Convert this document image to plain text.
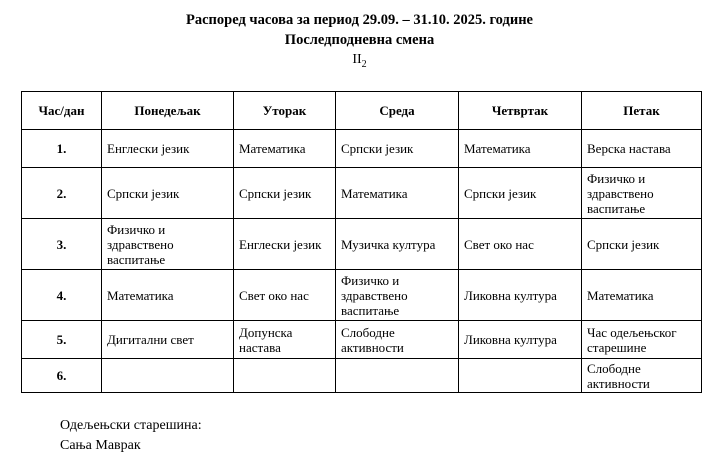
Распоред часова за период 29.09. – 31.10. 2025. године
Последподневна смена
$II_2$
Час/дан	Понедељак	Уторак	Среда	Четвртак	Петак
1.	Енглески језик	Математика	Српски језик	Математика	Верска настава
2.	Српски језик	Српски језик	Математика	Српски језик	Физичко и здравствено васпитање
3.	Физичко и здравствено васпитање	Енглески језик	Музичка култура	Свет око нас	Српски језик
4.	Математика	Свет око нас	Физичко и здравствено васпитање	Ликовна култура	Математика
5.	Дигитални свет	Допунска настава	Слободне активности	Ликовна култура	Час одељењског старешине
6.					Слободне активности
Одељењски старешина:
Сања Маврак
